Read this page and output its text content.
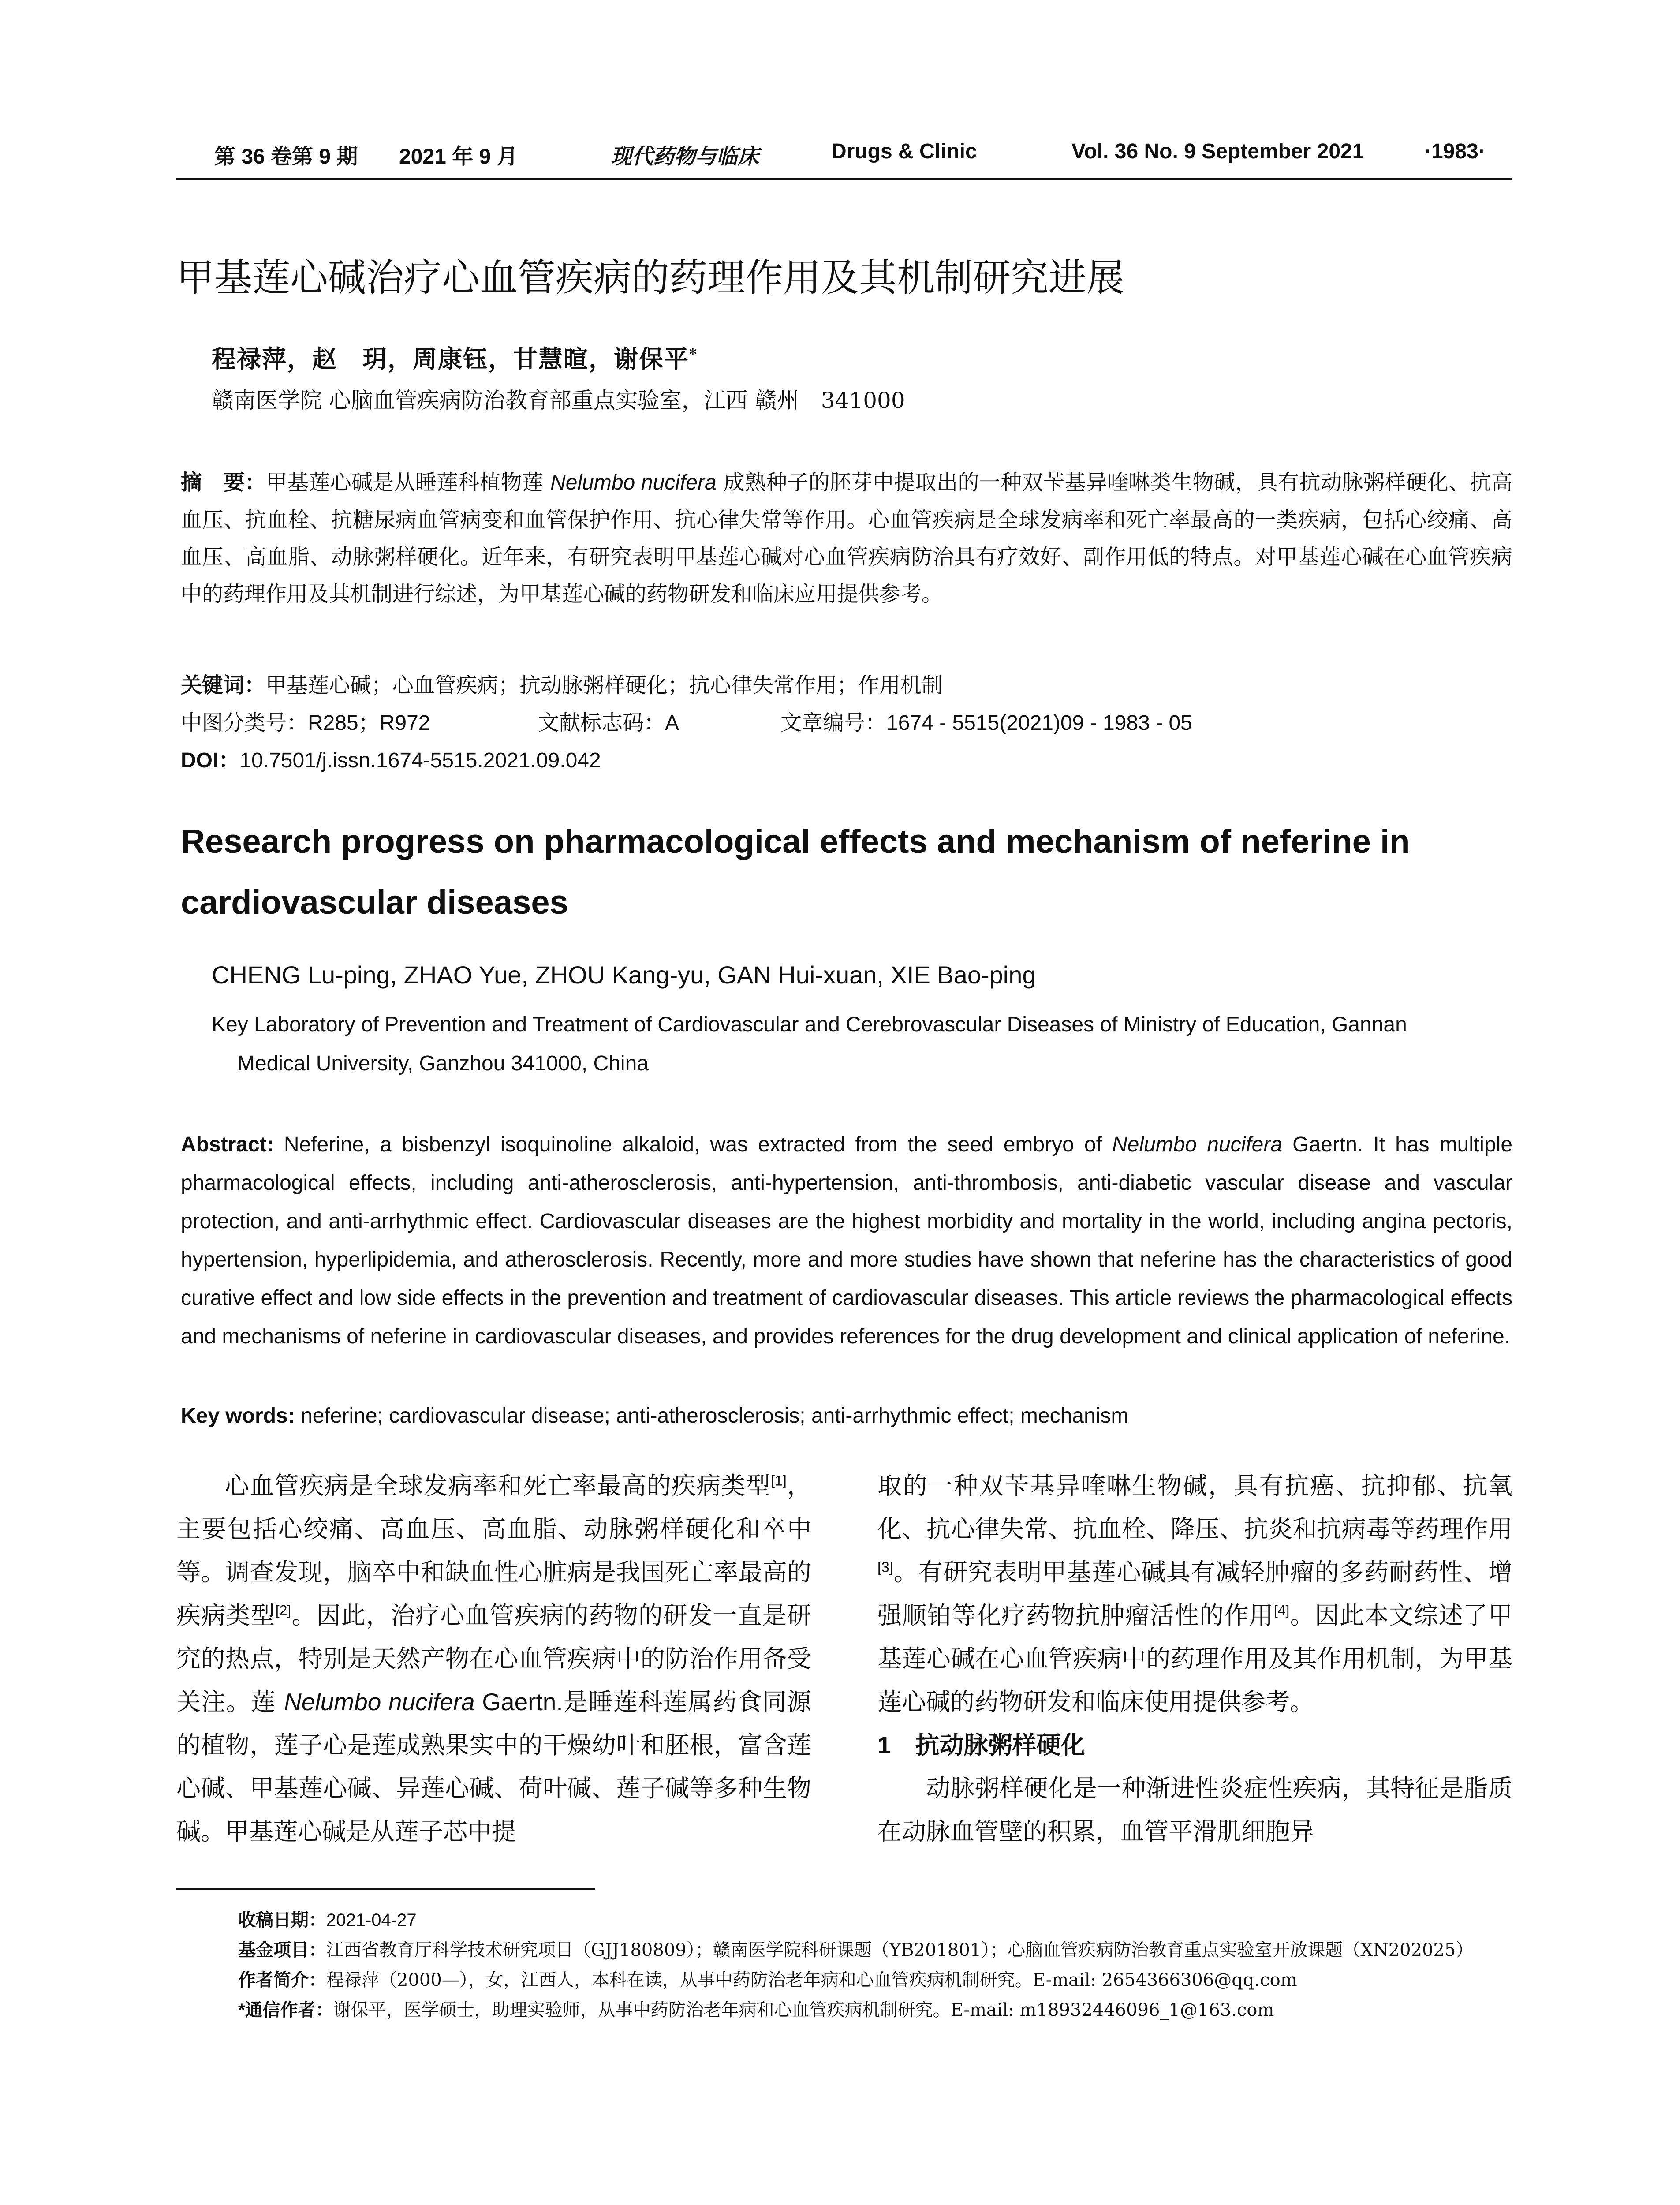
第 36 卷第 9 期 2021 年 9 月	现代药物与临床	Drugs & Clinic	Vol. 36 No. 9 September 2021	·1983·
甲基莲心碱治疗心血管疾病的药理作用及其机制研究进展
程禄萍，赵　玥，周康钰，甘慧暄，谢保平*
赣南医学院 心脑血管疾病防治教育部重点实验室，江西 赣州　341000
摘　要：甲基莲心碱是从睡莲科植物莲 Nelumbo nucifera 成熟种子的胚芽中提取出的一种双苄基异喹啉类生物碱，具有抗动脉粥样硬化、抗高血压、抗血栓、抗糖尿病血管病变和血管保护作用、抗心律失常等作用。心血管疾病是全球发病率和死亡率最高的一类疾病，包括心绞痛、高血压、高血脂、动脉粥样硬化。近年来，有研究表明甲基莲心碱对心血管疾病防治具有疗效好、副作用低的特点。对甲基莲心碱在心血管疾病中的药理作用及其机制进行综述，为甲基莲心碱的药物研发和临床应用提供参考。
关键词：甲基莲心碱；心血管疾病；抗动脉粥样硬化；抗心律失常作用；作用机制
中图分类号：R285；R972	文献标志码：A	文章编号：1674 - 5515(2021)09 - 1983 - 05
DOI：10.7501/j.issn.1674-5515.2021.09.042
Research progress on pharmacological effects and mechanism of neferine in cardiovascular diseases
CHENG Lu-ping, ZHAO Yue, ZHOU Kang-yu, GAN Hui-xuan, XIE Bao-ping
Key Laboratory of Prevention and Treatment of Cardiovascular and Cerebrovascular Diseases of Ministry of Education, Gannan
Medical University, Ganzhou 341000, China
Abstract: Neferine, a bisbenzyl isoquinoline alkaloid, was extracted from the seed embryo of Nelumbo nucifera Gaertn. It has multiple pharmacological effects, including anti-atherosclerosis, anti-hypertension, anti-thrombosis, anti-diabetic vascular disease and vascular protection, and anti-arrhythmic effect. Cardiovascular diseases are the highest morbidity and mortality in the world, including angina pectoris, hypertension, hyperlipidemia, and atherosclerosis. Recently, more and more studies have shown that neferine has the characteristics of good curative effect and low side effects in the prevention and treatment of cardiovascular diseases. This article reviews the pharmacological effects and mechanisms of neferine in cardiovascular diseases, and provides references for the drug development and clinical application of neferine.
Key words: neferine; cardiovascular disease; anti-atherosclerosis; anti-arrhythmic effect; mechanism

心血管疾病是全球发病率和死亡率最高的疾病类型[1]，主要包括心绞痛、高血压、高血脂、动脉粥样硬化和卒中等。调查发现，脑卒中和缺血性心脏病是我国死亡率最高的疾病类型[2]。因此，治疗心血管疾病的药物的研发一直是研究的热点，特别是天然产物在心血管疾病中的防治作用备受关注。莲 Nelumbo nucifera Gaertn.是睡莲科莲属药食同源的植物，莲子心是莲成熟果实中的干燥幼叶和胚根，富含莲心碱、甲基莲心碱、异莲心碱、荷叶碱、莲子碱等多种生物碱。甲基莲心碱是从莲子芯中提

取的一种双苄基异喹啉生物碱，具有抗癌、抗抑郁、抗氧化、抗心律失常、抗血栓、降压、抗炎和抗病毒等药理作用[3]。有研究表明甲基莲心碱具有减轻肿瘤的多药耐药性、增强顺铂等化疗药物抗肿瘤活性的作用[4]。因此本文综述了甲基莲心碱在心血管疾病中的药理作用及其作用机制，为甲基莲心碱的药物研发和临床使用提供参考。

1　抗动脉粥样硬化

动脉粥样硬化是一种渐进性炎症性疾病，其特征是脂质在动脉血管壁的积累，血管平滑肌细胞异

收稿日期：2021-04-27
基金项目：江西省教育厅科学技术研究项目（GJJ180809）；赣南医学院科研课题（YB201801）；心脑血管疾病防治教育重点实验室开放课题（XN202025）
作者简介：程禄萍（2000—），女，江西人，本科在读，从事中药防治老年病和心血管疾病机制研究。E-mail: 2654366306@qq.com
*通信作者：谢保平，医学硕士，助理实验师，从事中药防治老年病和心血管疾病机制研究。E-mail: m18932446096_1@163.com
